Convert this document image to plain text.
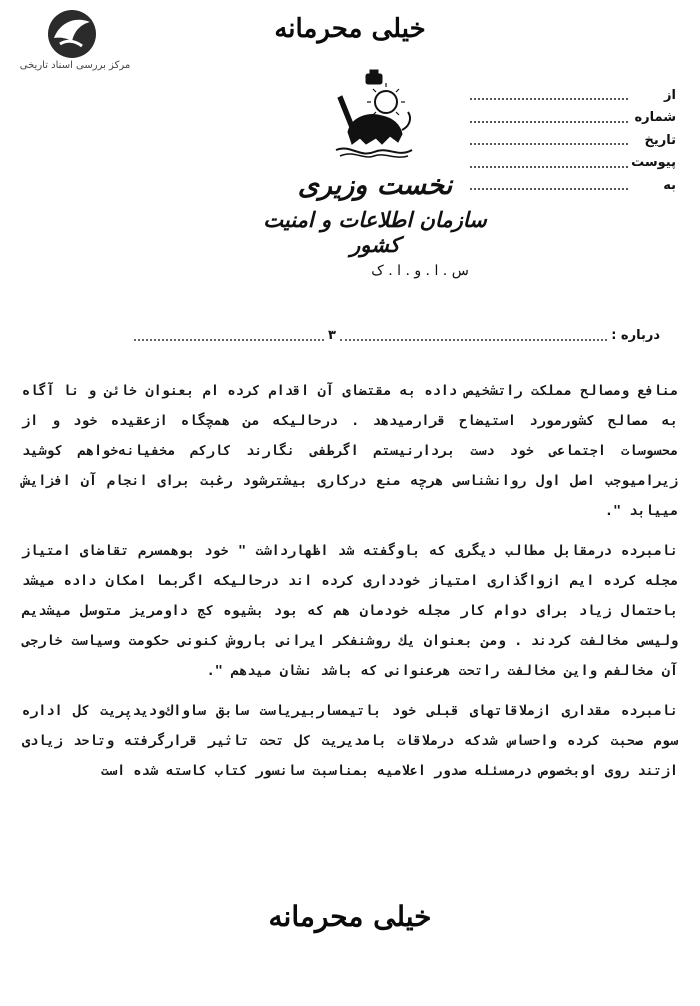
مرکز بررسی اسناد تاریخی
خیلی محرمانه
نخست وزیری
سازمان اطلاعات و امنیت کشور
س . ا . و . ا . ک
از
شماره
تاریخ
پیوست
به
درباره :
۳

منافع ومصالح مملکت راتشخیص داده به مقتضای آن اقدام کرده ام بعنوان خائن و نا آگاه به مصالح کشورمورد استیضاح قرارمیدهد . درحالیکه من همچگاه ازعقیده خود و از محسوسات اجتماعی خود دست بردارنیستم اگرطفی نگارند کارکم مخفیانه‌خواهم کوشید زیرامیوجب اصل اول روانشناسی هرچه منع درکاری بیشترشود رغبت برای انجام آن افزایش مییابد ".

نامبرده درمقابل مطالب دیگری که باوگفته شد اظهارداشت " خود بوهمسرم تقاضای امتیاز مجله کرده ‌ایم ازواگذاری امتیاز خودداری کرده ‌اند درحالیکه اگربما امکان داده میشد باحتمال زیاد برای دوام کار مجله خودمان هم که بود بشیوه کج داومریز متوسل میشدیم ولیسی مخالفت کردند . ومن بعنوان یك روشنفکر ایرانی باروش کنونی حکومت وسیاست خارجی آن مخالفم واین مخالفت راتحت هرعنوانی که باشد نشان میدهم ".

نامبرده مقداری ازملاقاتهای قبلی خود باتیمساربیریاست سابق ساواك‌ودیدپریت کل اداره سوم صحبت کرده واحساس شدکه درملاقات بامدیریت کل تحت تاثیر قرارگرفته وتاحد زیادی ازتند روی اوبخصوص درمسئله صدور اعلامیه بمناسبت سانسور کتاب کاسته شده است

خیلی محرمانه
